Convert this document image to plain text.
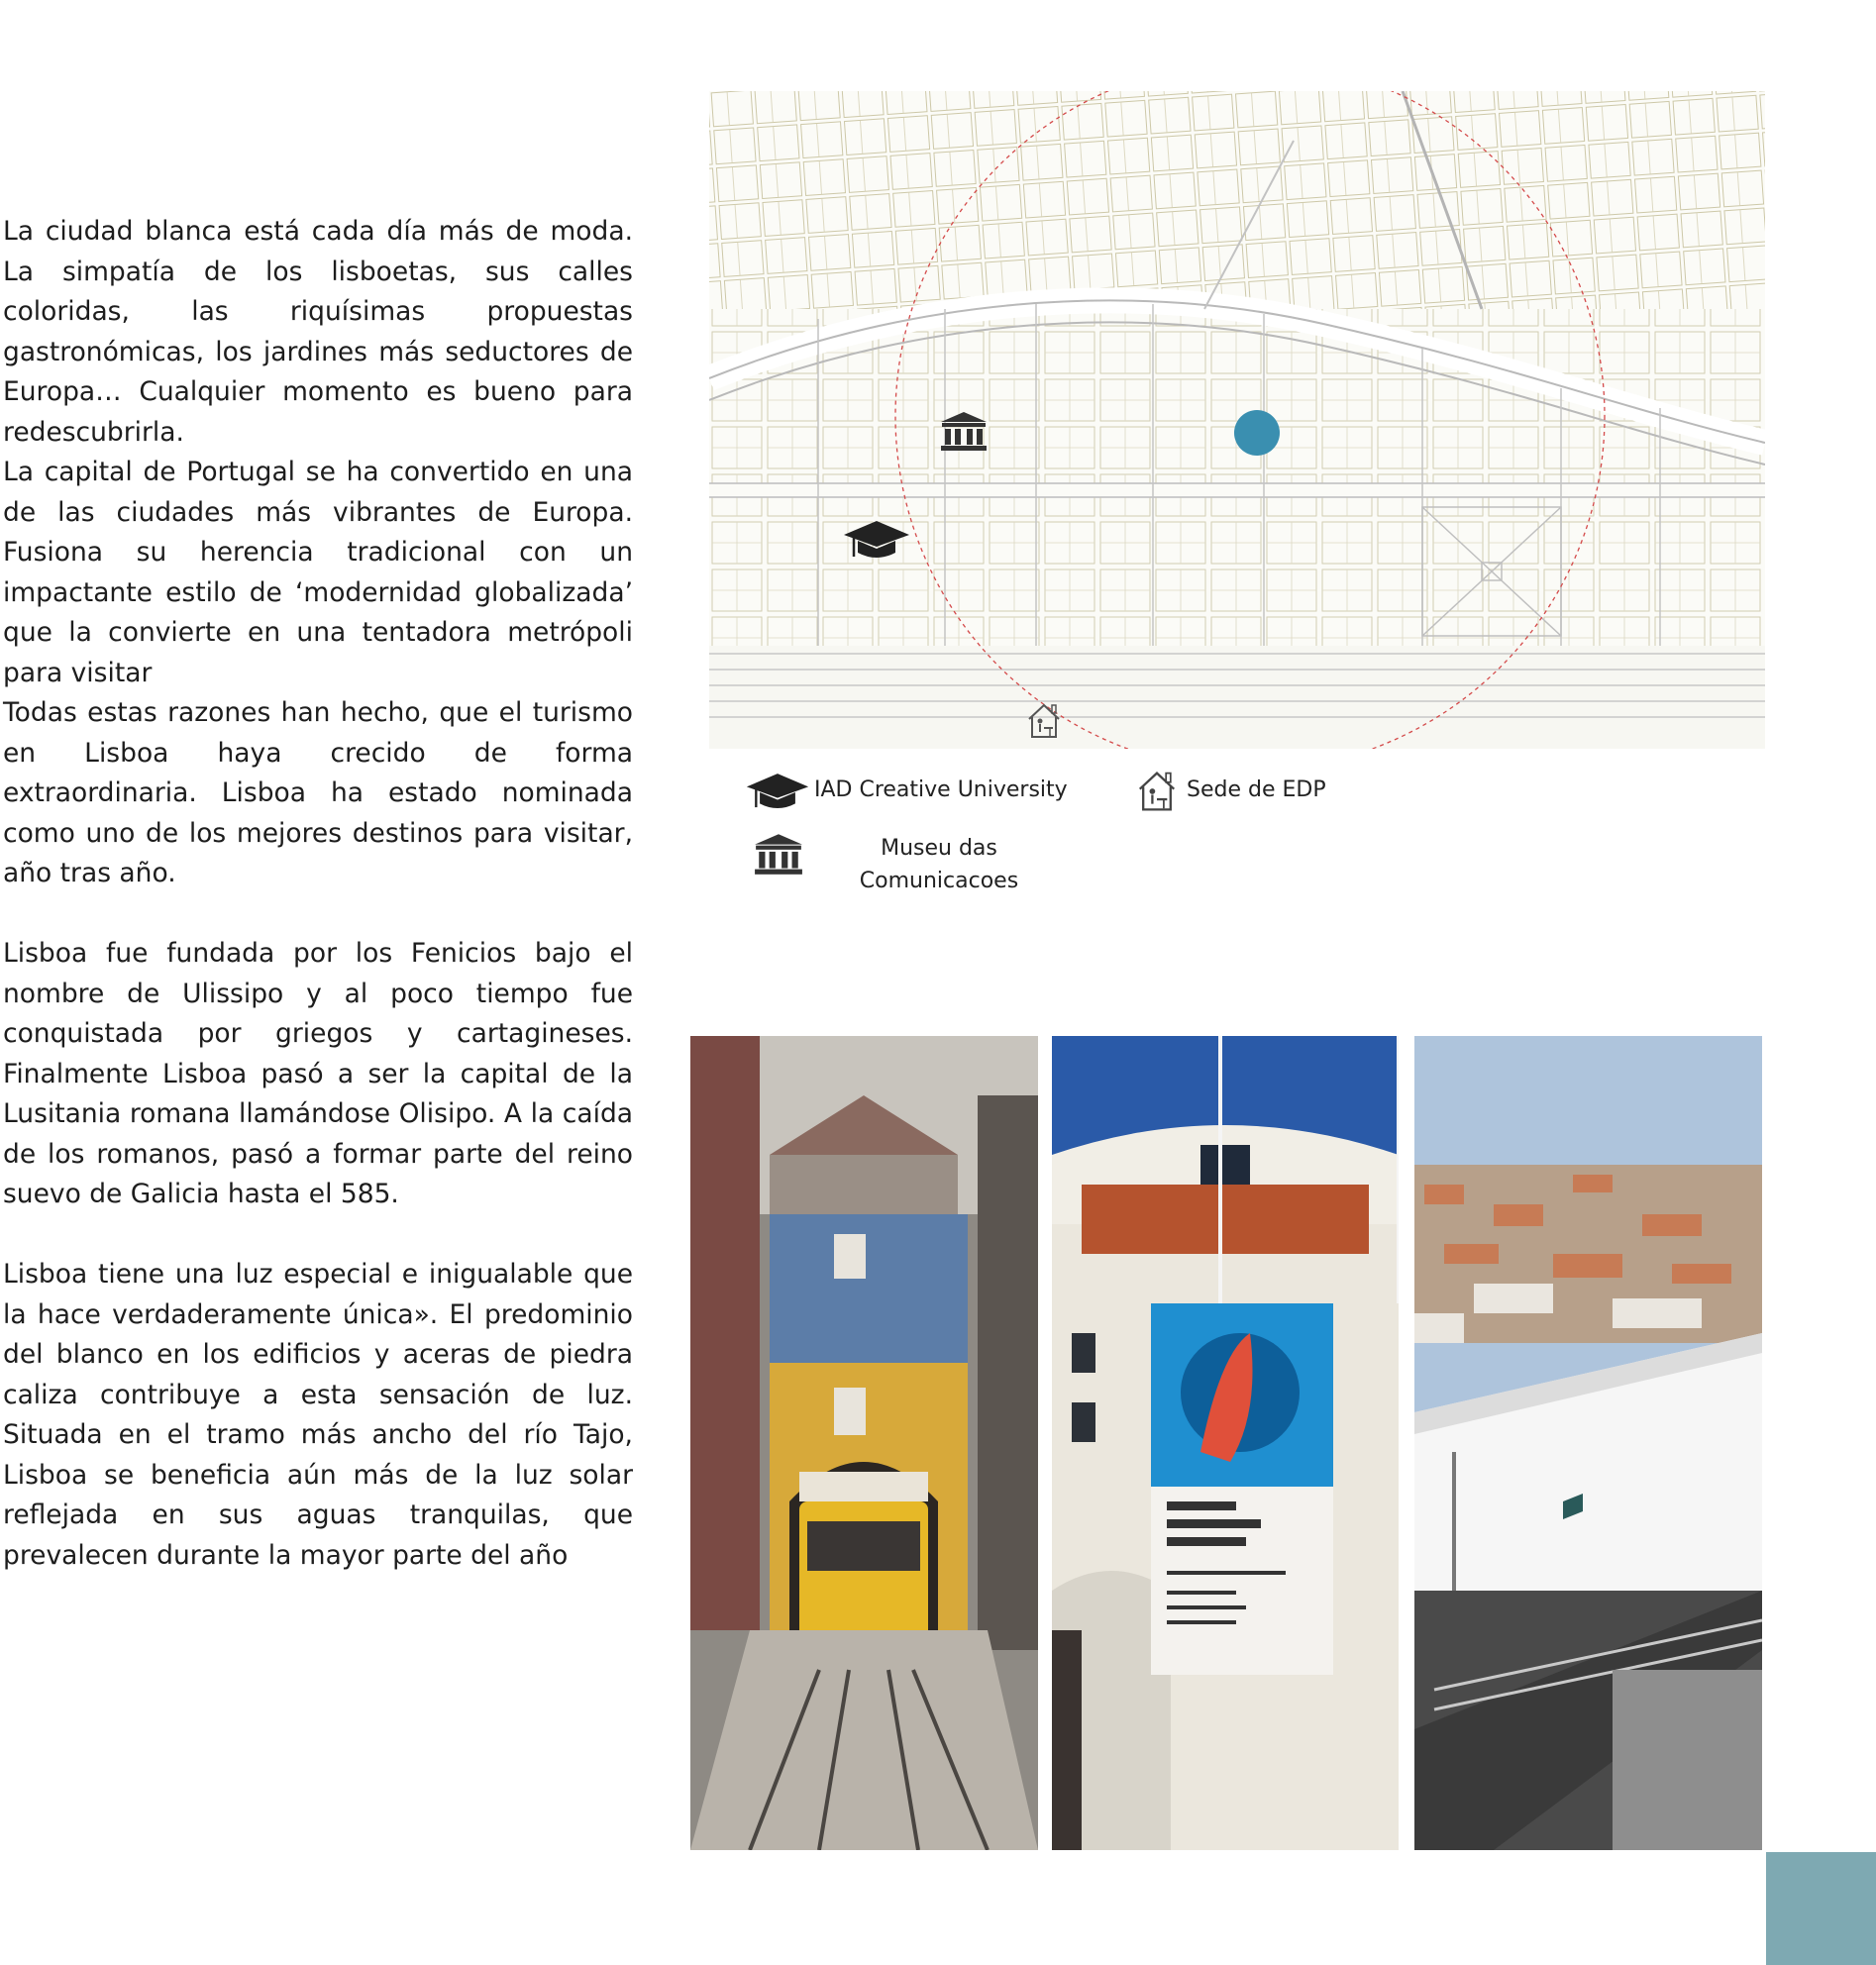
La ciudad blanca está cada día más de moda. La simpatía de los lisboetas, sus calles coloridas, las riquísimas propuestas gastronómicas, los jardines más seductores de Europa… Cualquier momento es bueno para redescubrirla.

La capital de Portugal se ha convertido en una de las ciudades más vibrantes de Europa. Fusiona su herencia tradicional con un impactante estilo de ‘modernidad globalizada’ que la convierte en una tentadora metrópoli para visitar

Todas estas razones han hecho, que el turismo en Lisboa haya crecido de forma extraordinaria. Lisboa ha estado nominada como uno de los mejores destinos para visitar, año tras año.

Lisboa fue fundada por los Fenicios bajo el nombre de Ulissipo y al poco tiempo fue conquistada por griegos y cartagineses. Finalmente Lisboa pasó a ser la capital de la Lusitania romana llamándose Olisipo. A la caída de los romanos, pasó a formar parte del reino suevo de Galicia hasta el 585.

Lisboa tiene una luz especial e inigualable que la hace verdaderamente única». El predominio del blanco en los edificios y aceras de piedra caliza contribuye a esta sensación de luz. Situada en el tramo más ancho del río Tajo, Lisboa se beneficia aún más de la luz solar reflejada en sus aguas tranquilas, que prevalecen durante la mayor parte del año

IAD Creative University	Sede de EDP
Museu das
Comunicacoes
